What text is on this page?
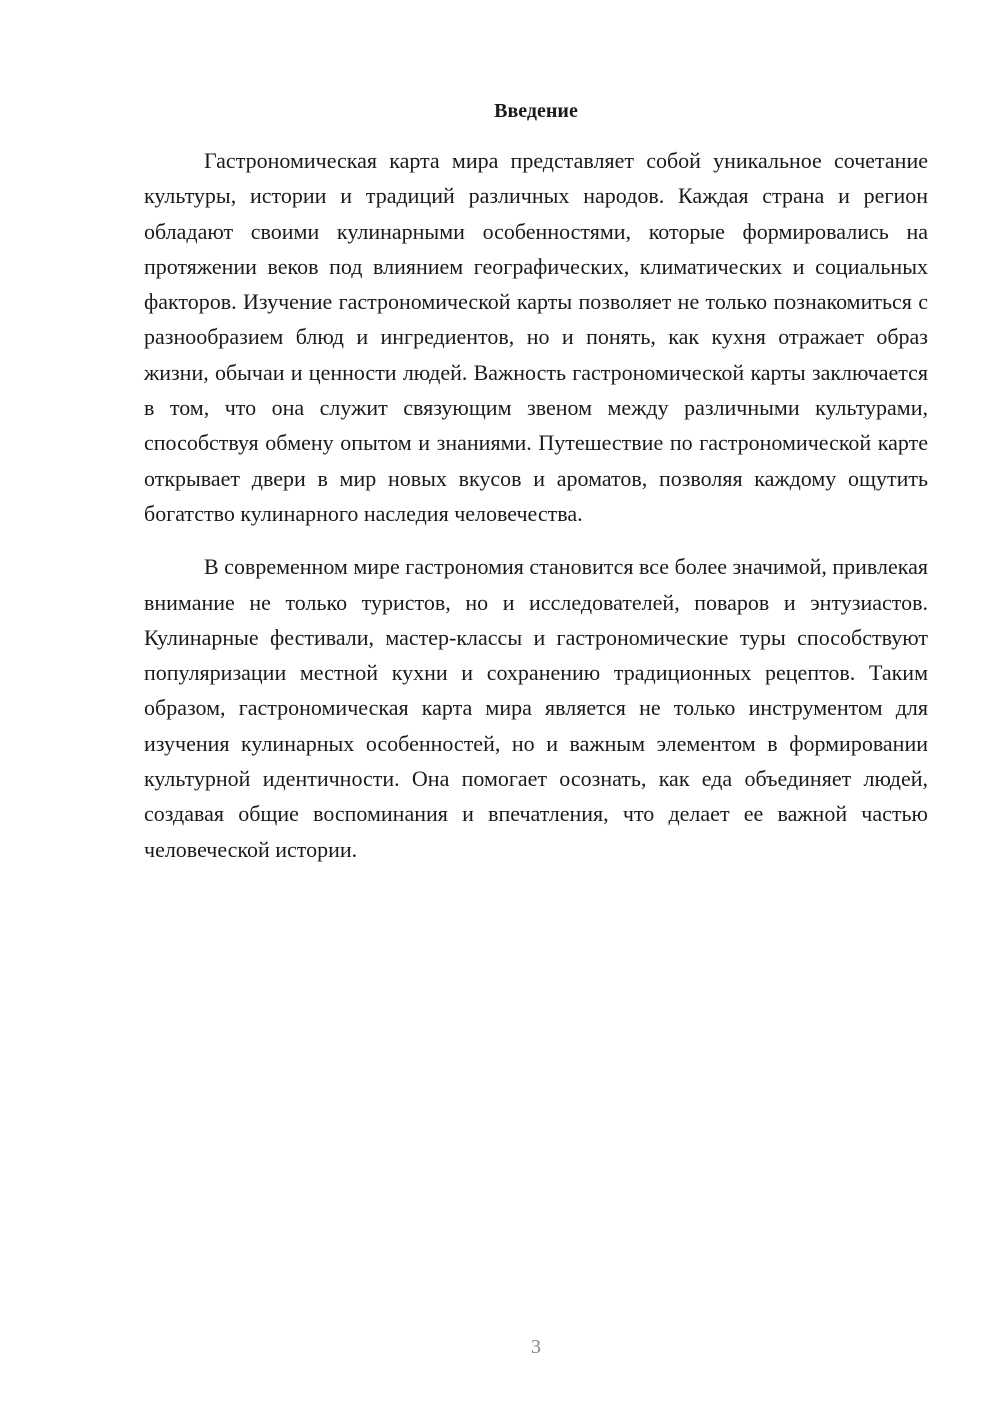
Введение

Гастрономическая карта мира представляет собой уникальное сочетание культуры, истории и традиций различных народов. Каждая страна и регион обладают своими кулинарными особенностями, которые формировались на протяжении веков под влиянием географических, климатических и социальных факторов. Изучение гастрономической карты позволяет не только познакомиться с разнообразием блюд и ингредиентов, но и понять, как кухня отражает образ жизни, обычаи и ценности людей. Важность гастрономической карты заключается в том, что она служит связующим звеном между различными культурами, способствуя обмену опытом и знаниями. Путешествие по гастрономической карте открывает двери в мир новых вкусов и ароматов, позволяя каждому ощутить богатство кулинарного наследия человечества.

В современном мире гастрономия становится все более значимой, привлекая внимание не только туристов, но и исследователей, поваров и энтузиастов. Кулинарные фестивали, мастер-классы и гастрономические туры способствуют популяризации местной кухни и сохранению традиционных рецептов. Таким образом, гастрономическая карта мира является не только инструментом для изучения кулинарных особенностей, но и важным элементом в формировании культурной идентичности. Она помогает осознать, как еда объединяет людей, создавая общие воспоминания и впечатления, что делает ее важной частью человеческой истории.

3
